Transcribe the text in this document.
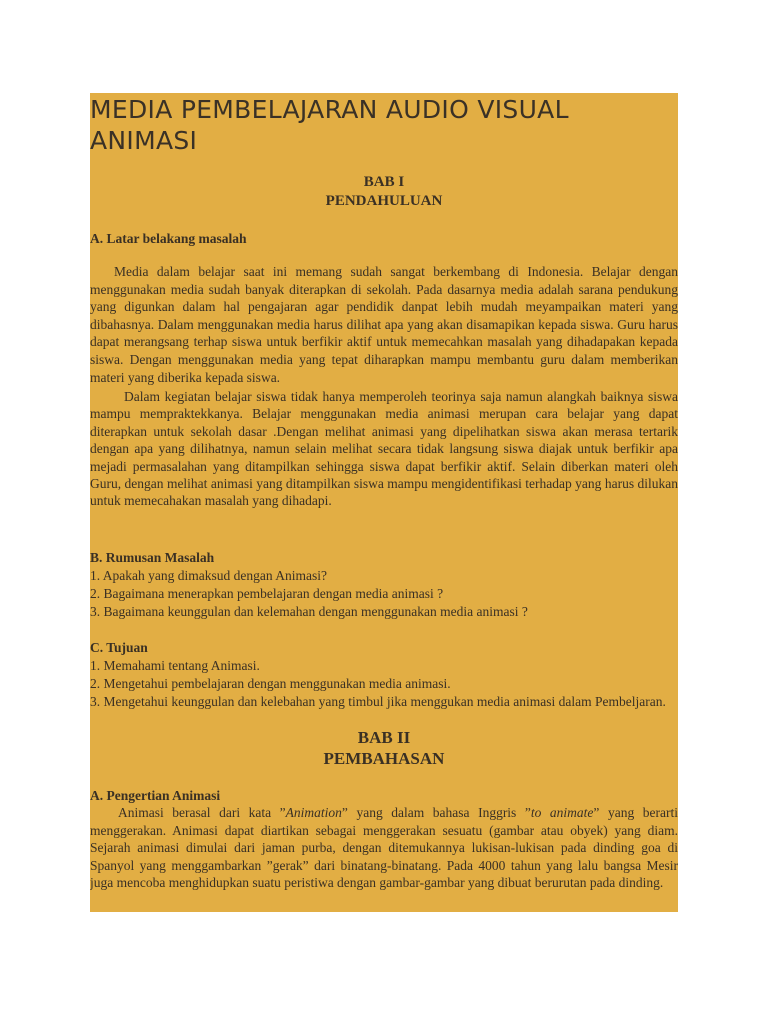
MEDIA PEMBELAJARAN AUDIO VISUAL
ANIMASI
BAB I
PENDAHULUAN
A. Latar belakang masalah

Media dalam belajar saat ini memang sudah sangat berkembang di Indonesia. Belajar dengan menggunakan media sudah banyak diterapkan di sekolah. Pada dasarnya media adalah sarana pendukung yang digunkan dalam hal pengajaran agar pendidik danpat lebih mudah meyampaikan materi yang dibahasnya. Dalam menggunakan media harus dilihat apa yang akan disamapikan kepada siswa. Guru harus dapat merangsang terhap siswa untuk berfikir aktif untuk memecahkan masalah yang dihadapakan kepada siswa. Dengan menggunakan media yang tepat diharapkan mampu membantu guru dalam memberikan materi yang diberika kepada siswa.

Dalam kegiatan belajar siswa tidak hanya memperoleh teorinya saja namun alangkah baiknya siswa mampu mempraktekkanya. Belajar menggunakan media animasi merupan cara belajar yang dapat diterapkan untuk sekolah dasar .Dengan melihat animasi yang dipelihatkan siswa akan merasa tertarik dengan apa yang dilihatnya, namun selain melihat secara tidak langsung siswa diajak untuk berfikir apa mejadi permasalahan yang ditampilkan sehingga siswa dapat berfikir aktif. Selain diberkan materi oleh Guru, dengan melihat animasi yang ditampilkan siswa mampu mengidentifikasi terhadap yang harus dilukan untuk memecahakan masalah yang dihadapi.

B. Rumusan Masalah
1. Apakah yang dimaksud dengan Animasi?
2. Bagaimana menerapkan pembelajaran dengan media animasi ?
3. Bagaimana keunggulan dan kelemahan dengan menggunakan media animasi ?
C. Tujuan
1. Memahami tentang Animasi.
2. Mengetahui pembelajaran dengan menggunakan media animasi.
3. Mengetahui keunggulan dan kelebahan yang timbul jika menggukan media animasi dalam Pembeljaran.
BAB II
PEMBAHASAN
A. Pengertian Animasi

Animasi berasal dari kata ”Animation” yang dalam bahasa Inggris ”to animate” yang berarti menggerakan. Animasi dapat diartikan sebagai menggerakan sesuatu (gambar atau obyek) yang diam. Sejarah animasi dimulai dari jaman purba, dengan ditemukannya lukisan-lukisan pada dinding goa di Spanyol yang menggambarkan ”gerak” dari binatang-binatang. Pada 4000 tahun yang lalu bangsa Mesir juga mencoba menghidupkan suatu peristiwa dengan gambar-gambar yang dibuat berurutan pada dinding.
